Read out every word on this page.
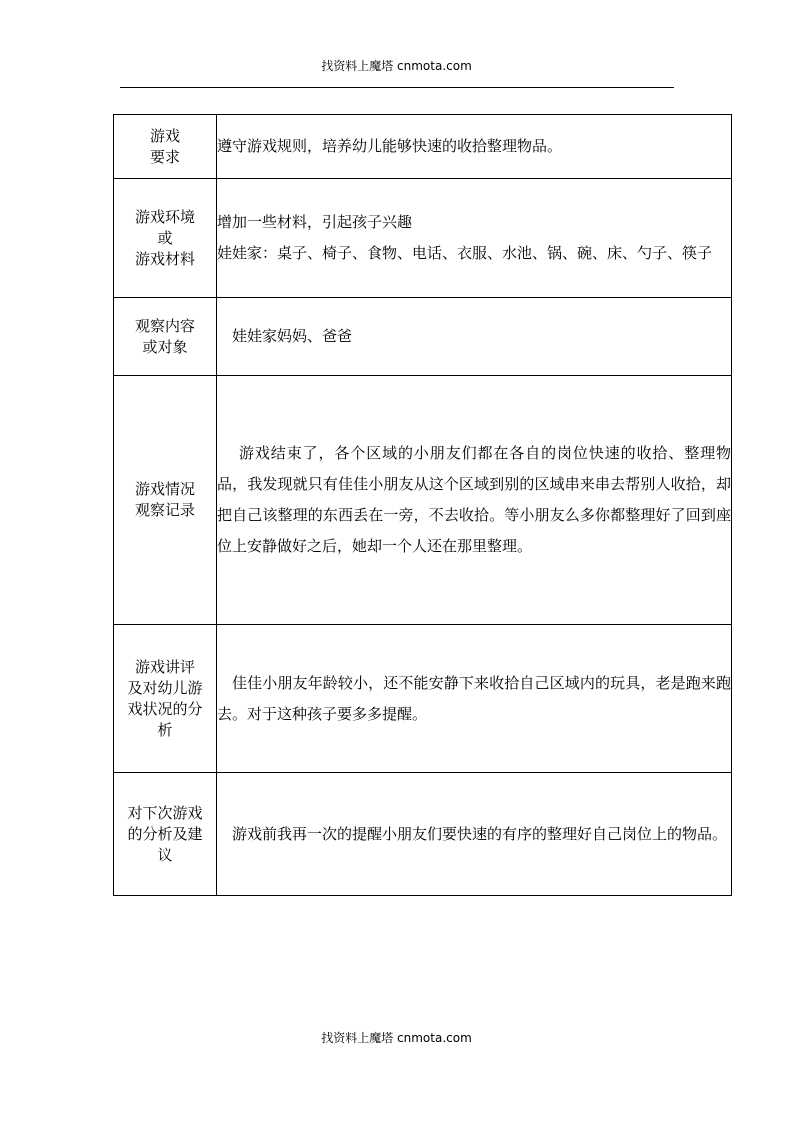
找资料上魔塔 cnmota.com
游戏
要求	遵守游戏规则，培养幼儿能够快速的收拾整理物品。

游戏环境
或
游戏材料	增加一些材料，引起孩子兴趣
娃娃家：桌子、椅子、食物、电话、衣服、水池、锅、碗、床、勺子、筷子

观察内容
或对象	娃娃家妈妈、爸爸

游戏情况
观察记录	游戏结束了，各个区域的小朋友们都在各自的岗位快速的收拾、整理物品，我发现就只有佳佳小朋友从这个区域到别的区域串来串去帮别人收拾，却把自己该整理的东西丢在一旁，不去收拾。等小朋友么多你都整理好了回到座位上安静做好之后，她却一个人还在那里整理。

游戏讲评
及对幼儿游
戏状况的分
析	佳佳小朋友年龄较小，还不能安静下来收拾自己区域内的玩具，老是跑来跑去。对于这种孩子要多多提醒。

对下次游戏
的分析及建
议	游戏前我再一次的提醒小朋友们要快速的有序的整理好自己岗位上的物品。
找资料上魔塔 cnmota.com
